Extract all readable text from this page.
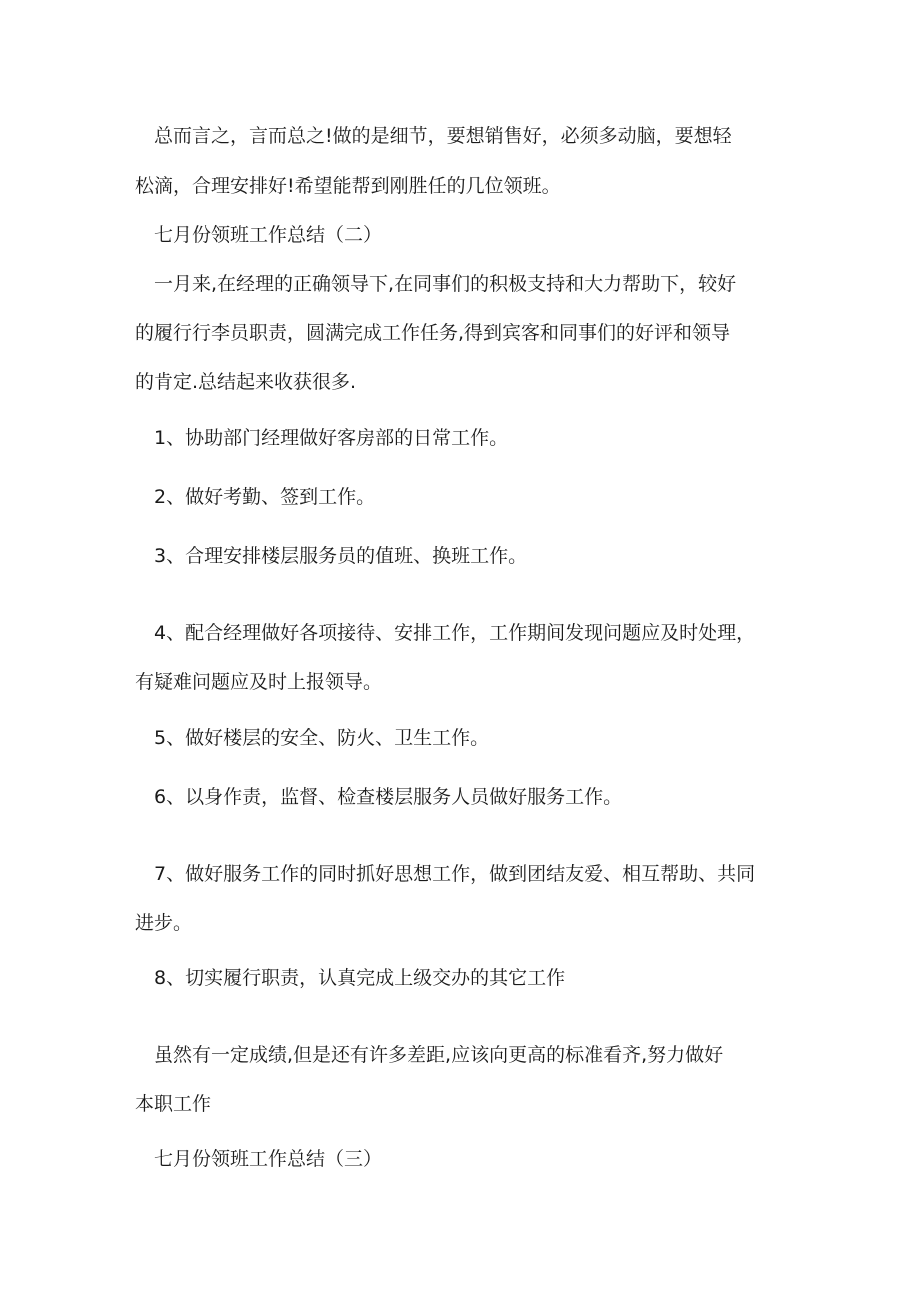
总而言之，言而总之!做的是细节，要想销售好，必须多动脑，要想轻

松滴，合理安排好!希望能帮到刚胜任的几位领班。

七月份领班工作总结（二）

一月来,在经理的正确领导下,在同事们的积极支持和大力帮助下，较好

的履行行李员职责，圆满完成工作任务,得到宾客和同事们的好评和领导

的肯定.总结起来收获很多.

1、协助部门经理做好客房部的日常工作。

2、做好考勤、签到工作。

3、合理安排楼层服务员的值班、换班工作。

4、配合经理做好各项接待、安排工作，工作期间发现问题应及时处理，

有疑难问题应及时上报领导。

5、做好楼层的安全、防火、卫生工作。

6、以身作责，监督、检查楼层服务人员做好服务工作。

7、做好服务工作的同时抓好思想工作，做到团结友爱、相互帮助、共同

进步。

8、切实履行职责，认真完成上级交办的其它工作

虽然有一定成绩,但是还有许多差距,应该向更高的标准看齐,努力做好

本职工作

七月份领班工作总结（三）
